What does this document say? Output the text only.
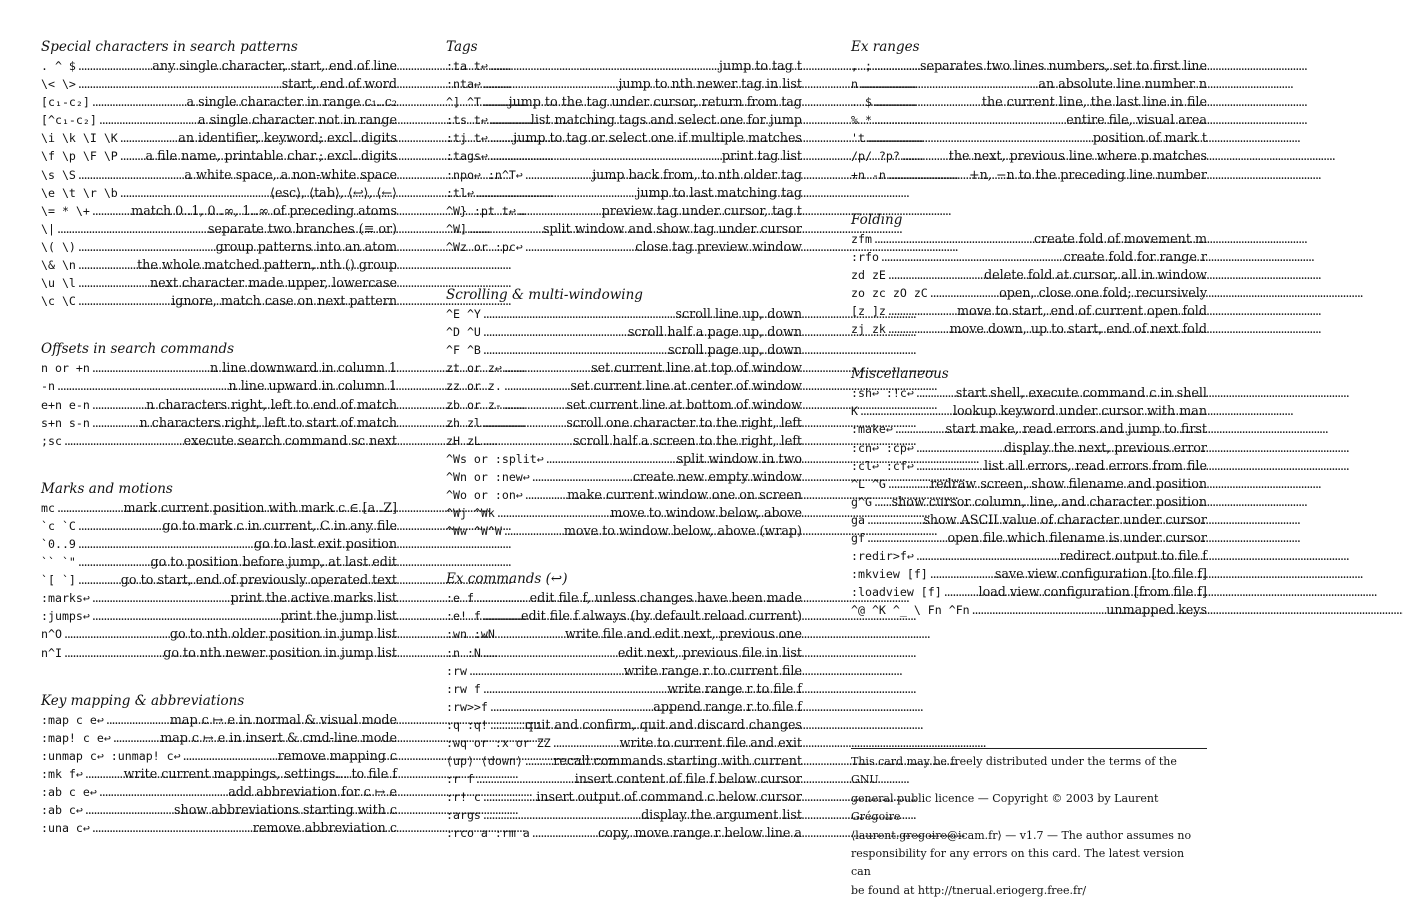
Special characters in search patterns
. ^ $ . . .	any single character, start, end of line
\< \> . . .	start, end of word
[c₁-c₂] . . .	a single character in range c₁..c₂
[^c₁-c₂] . . .	a single character not in range
\i \k \I \K . . .	an identifier, keyword; excl. digits
\f \p \F \P . . . a file name, printable char.; excl. digits
\s \S . . .	a white space, a non-white space
\e \t \r \b . . .	⟨esc⟩, ⟨tab⟩, ⟨↩⟩, ⟨←⟩
\= * \+ . . .	match 0..1, 0..∞, 1..∞ of preceding atoms
\| . . .	separate two branches (≡ or)
\( \) . . .	group patterns into an atom
\& \n . . .	the whole matched pattern, nth () group
\u \l . . .	next character made upper, lowercase
\c \C . . .	ignore, match case on next pattern
Offsets in search commands
n or +n . . .	n line downward in column 1
-n . . .	n line upward in column 1
e+n e-n . . .	n characters right, left to end of match
s+n s-n . . .	n characters right, left to start of match
;sc . . .	execute search command sc next
Marks and motions
mc . . .	mark current position with mark c ∈ [a..Z]
`c `C . . .	go to mark c in current, C in any file
`0..9 . . .	go to last exit position
`` `" . . .	go to position before jump, at last edit
`[ `] . . .	go to start, end of previously operated text
:marks↩ . . .	print the active marks list
:jumps↩ . . .	print the jump list
n^O . . .	go to nth older position in jump list
n^I . . .	go to nth newer position in jump list
Key mapping & abbreviations
:map c e↩ . . .	map c ↦ e in normal & visual mode
:map! c e↩ . . .	map c ↦ e in insert & cmd-line mode
:unmap c↩ :unmap! c↩ . . .	remove mapping c
:mk f↩ . . .	write current mappings, settings... to file f
:ab c e↩ . . .	add abbreviation for c ↦ e
:ab c↩ . . .	show abbreviations starting with c
:una c↩ . . .	remove abbreviation c
Tags
:ta t↩ . . .	jump to tag t
:nta↩ . . .	jump to nth newer tag in list
^] ^T . . . jump to the tag under cursor, return from tag
:ts t↩ . . .	list matching tags and select one for jump
:tj t↩ . . . jump to tag or select one if multiple matches
:tags↩ . . .	print tag list
:npo↩ :n^T↩ . . .	jump back from, to nth older tag
:tl↩ . . .	jump to last matching tag
^W} :pt t↩ . . .	preview tag under cursor, tag t
^W] . . .	split window and show tag under cursor
^Wz or :pc↩ . . .	close tag preview window
Scrolling & multi-windowing
^E ^Y . . .	scroll line up, down
^D ^U . . .	scroll half a page up, down
^F ^B . . .	scroll page up, down
zt or z↩ . . .	set current line at top of window
zz or z. . . .	set current line at center of window
zb or z- . . .	set current line at bottom of window
zh zl . . .	scroll one character to the right, left
zH zL . . .	scroll half a screen to the right, left
^Ws or :split↩ . . .	split window in two
^Wn or :new↩ . . .	create new empty window
^Wo or :on↩ . . .	make current window one on screen
^Wj ^Wk . . .	move to window below, above
^Ww ^W^W . . .	move to window below, above (wrap)
Ex commands (↩)
:e f . . .	edit file f, unless changes have been made
:e! f . . .	edit file f always (by default reload current)
:wn :wN . . .	write file and edit next, previous one
:n :N . . .	edit next, previous file in list
:rw . . .	write range r to current file
:rw f . . .	write range r to file f
:rw>>f . . .	append range r to file f
:q :q! . . .	quit and confirm, quit and discard changes
:wq or :x or ZZ . . .	write to current file and exit
⟨up⟩ ⟨down⟩ . . . recall commands starting with current
:r f . . .	insert content of file f below cursor
:r! c . . .	insert output of command c below cursor
:args . . .	display the argument list
:rco a :rm a . . .	copy, move range r below line a
Ex ranges
, ; . . .	separates two lines numbers, set to first line
n . . .	an absolute line number n
. $ . . .	the current line, the last line in file
% * . . .	entire file, visual area
't . . .	position of mark t
/p/ ?p? . . .	the next, previous line where p matches
+n -n . . .	+n, −n to the preceding line number
Folding
zfm . . .	create fold of movement m
:rfo . . .	create fold for range r
zd zE . . .	delete fold at cursor, all in window
zo zc zO zC . . .	open, close one fold; recursively
[z ]z . . .	move to start, end of current open fold
zj zk . . .	move down, up to start, end of next fold
Miscellaneous
:sh↩ :!c↩ . . .	start shell, execute command c in shell
K . . .	lookup keyword under cursor with man
:make↩ . . .	start make, read errors and jump to first
:cn↩ :cp↩ . . .	display the next, previous error
:cl↩ :cf↩ . . .	list all errors, read errors from file
^L ^G . . .	redraw screen, show filename and position
g^G . . . show cursor column, line, and character position
ga . . .	show ASCII value of character under cursor
gf . . .	open file which filename is under cursor
:redir>f↩ . . .	redirect output to file f
:mkview [f] . . .	save view configuration [to file f]
:loadview [f] . . .	load view configuration [from file f]
^@ ^K ^_ \ Fn ^Fn . . .	unmapped keys
This card may be freely distributed under the terms of the GNU
general public licence — Copyright © 2003 by Laurent Grégoire
⟨laurent.gregoire@icam.fr⟩ — v1.7 — The author assumes no
responsibility for any errors on this card. The latest version can
be found at http://tnerual.eriogerg.free.fr/
